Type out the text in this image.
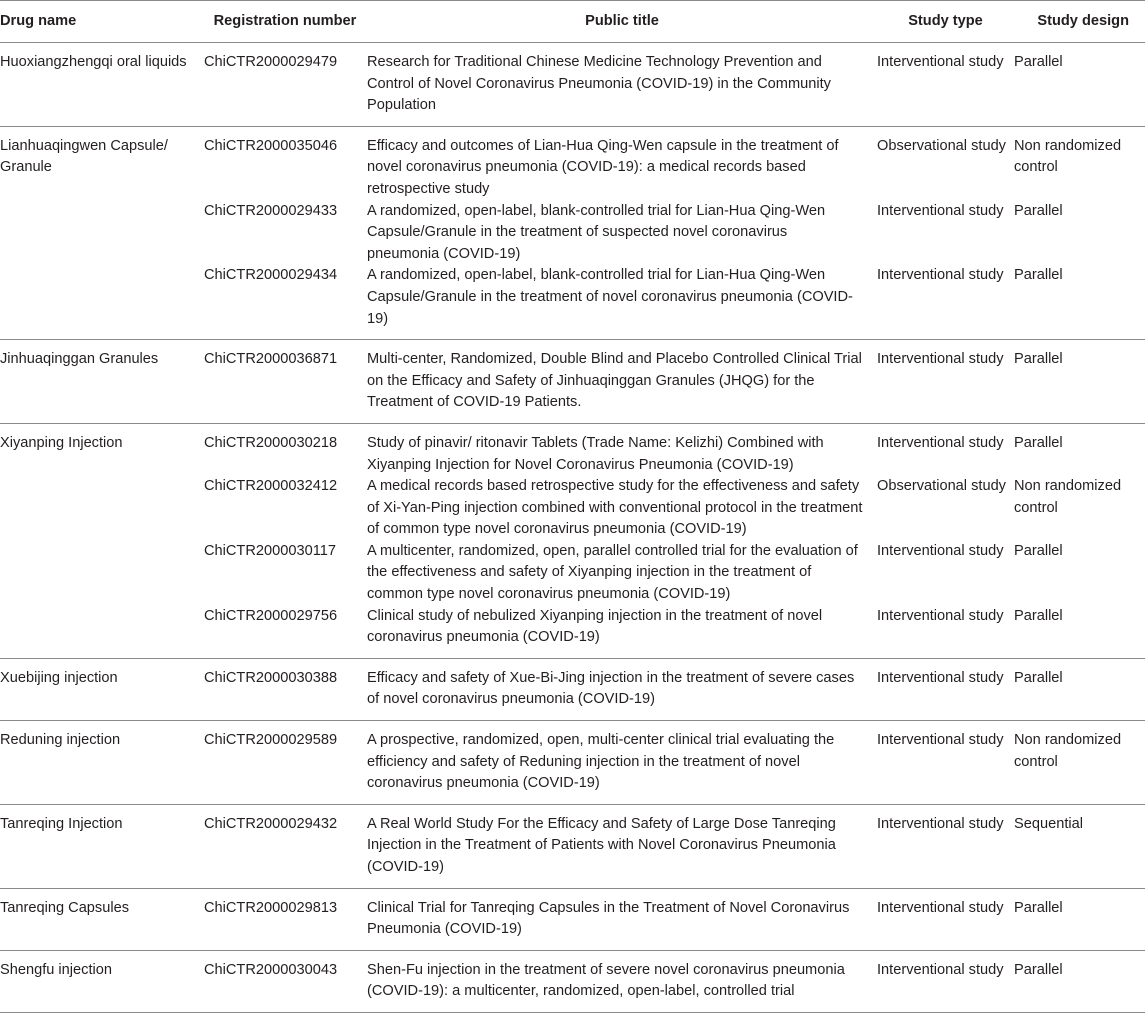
Drug name	Registration number	Public title	Study type	Study design
Huoxiangzhengqi oral liquids	ChiCTR2000029479	Research for Traditional Chinese Medicine Technology Prevention and Control of Novel Coronavirus Pneumonia (COVID-19) in the Community Population	Interventional study	Parallel
Lianhuaqingwen Capsule/ Granule	ChiCTR2000035046	Efficacy and outcomes of Lian-Hua Qing-Wen capsule in the treatment of novel coronavirus pneumonia (COVID-19): a medical records based retrospective study	Observational study	Non randomized control
	ChiCTR2000029433	A randomized, open-label, blank-controlled trial for Lian-Hua Qing-Wen Capsule/Granule in the treatment of suspected novel coronavirus pneumonia (COVID-19)	Interventional study	Parallel
	ChiCTR2000029434	A randomized, open-label, blank-controlled trial for Lian-Hua Qing-Wen Capsule/Granule in the treatment of novel coronavirus pneumonia (COVID-19)	Interventional study	Parallel
Jinhuaqinggan Granules	ChiCTR2000036871	Multi-center, Randomized, Double Blind and Placebo Controlled Clinical Trial on the Efficacy and Safety of Jinhuaqinggan Granules (JHQG) for the Treatment of COVID-19 Patients.	Interventional study	Parallel
Xiyanping Injection	ChiCTR2000030218	Study of pinavir/ ritonavir Tablets (Trade Name: Kelizhi) Combined with Xiyanping Injection for Novel Coronavirus Pneumonia (COVID-19)	Interventional study	Parallel
	ChiCTR2000032412	A medical records based retrospective study for the effectiveness and safety of Xi-Yan-Ping injection combined with conventional protocol in the treatment of common type novel coronavirus pneumonia (COVID-19)	Observational study	Non randomized control
	ChiCTR2000030117	A multicenter, randomized, open, parallel controlled trial for the evaluation of the effectiveness and safety of Xiyanping injection in the treatment of common type novel coronavirus pneumonia (COVID-19)	Interventional study	Parallel
	ChiCTR2000029756	Clinical study of nebulized Xiyanping injection in the treatment of novel coronavirus pneumonia (COVID-19)	Interventional study	Parallel
Xuebijing injection	ChiCTR2000030388	Efficacy and safety of Xue-Bi-Jing injection in the treatment of severe cases of novel coronavirus pneumonia (COVID-19)	Interventional study	Parallel
Reduning injection	ChiCTR2000029589	A prospective, randomized, open, multi-center clinical trial evaluating the efficiency and safety of Reduning injection in the treatment of novel coronavirus pneumonia (COVID-19)	Interventional study	Non randomized control
Tanreqing Injection	ChiCTR2000029432	A Real World Study For the Efficacy and Safety of Large Dose Tanreqing Injection in the Treatment of Patients with Novel Coronavirus Pneumonia (COVID-19)	Interventional study	Sequential
Tanreqing Capsules	ChiCTR2000029813	Clinical Trial for Tanreqing Capsules in the Treatment of Novel Coronavirus Pneumonia (COVID-19)	Interventional study	Parallel
Shengfu injection	ChiCTR2000030043	Shen-Fu injection in the treatment of severe novel coronavirus pneumonia (COVID-19): a multicenter, randomized, open-label, controlled trial	Interventional study	Parallel
